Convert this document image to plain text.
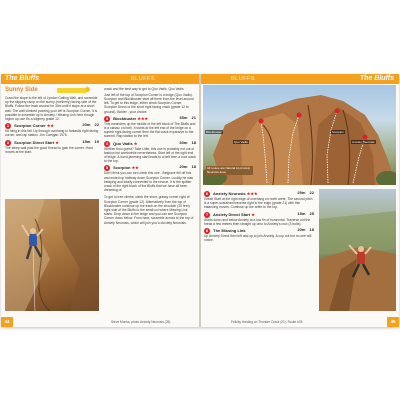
The Bluffs	BLUFFS	BLUFFS	The Bluffs
Sunny Side

Crawl the slope to the left of Lyndon Catling Wall, and scramble up the slippery ramp on the sunny (northerly) facing side of the Bluffs. Follow the track around for 30m until it stops at a short wall. The wall climbed pointing your left is Scorpion Corner. It is possible to scramble up to Anxiety / Missing Link here though higher up use it's a slippery grade 12.

1 Scorpion Corner ★★	20m 22

No sling in this fall. Up through overhang to fantastic right facing corner, and rap station. Jim Carrigan 1976.

2 Scorpion Direct Start ★	15m 19

The steep wall past the good thread to gain the corner. Hard moves at the start.

crack and the best way to get to Quo Vadis. Quo Vadis

Just left of the top of Scorpion Corner is a ledge (Quo Vadis). Scorpion and Blockbuster start off there from the level around left. To get to this ledge, either climb Scorpion Corner, Scorpion Direct or the short right facing crack (grade 12 to ground). Bolder - your choice.

3 Blockbuster ★★★	35m 21

This meanders up the middle of the left block of The Bluffs and is a classic on both. It starts at the left end of the ledge on a superb right-facing corner then the flat crack expansive to the summit. Rap station to the left.

4 Quo Vadis ★	30m 18

Whither thou goest? Take Little, this one is probably not out of fashion but worthwhile nevertheless. Start left of the right end of ledge. A hand-jamming start leads to a belt then a cool crack to the top.

5 Scorpion ★★	20m 18

Don't think you can turn climb this one - Belgrave fell off this and ended up halfway down Scorpion Corner. Luckily he was belaying and totally connected to the rescue. It is the splitter crack of the right block of the Bluffs that we have all been dreaming of.

To get to tree climbs, climb the short, grassy corner right of Scorpion Corner (grade 12). Alternatively from the top of Blockbuster continue up the track on the shoulder (30 feet) right side of the Bluffs to the small col where Missing Link starts. Drop down to the ledge and you can see Scorpion Corner down below. From here, scramble across to the top of Anxiety Neurosis, which will join you to Anxiety Neurosis.

44	Steve Monks, photo Anxiety Neurosis (25).
Blockbuster
Quo Vadis
Scorpion
Anxiety Neurosis
All routes are Natural Ap Anxiety Neurosis area
6 Anxiety Neurosis ★★★	25m 22

Great! Start at the right edge of overhang on north arete. The second pitch is a super-sustained traverse right to the edge (grade 21) with thin balancing moves. Continue up the arête to the top.

7 Anxiety Direct Start ★	15m 25

Starts down and below Anxiety at a low fin of horizontal. Traverse out the break a few metres then straight up onto to Anxiety's crux (3 bolts).

8 The Missing Link	20m 18

Up Anxiety Direct then left and up to join Anxiety. A cop out but no one will notice.

Felicity Harding on Thunder Crack (21), Route #39.	45
